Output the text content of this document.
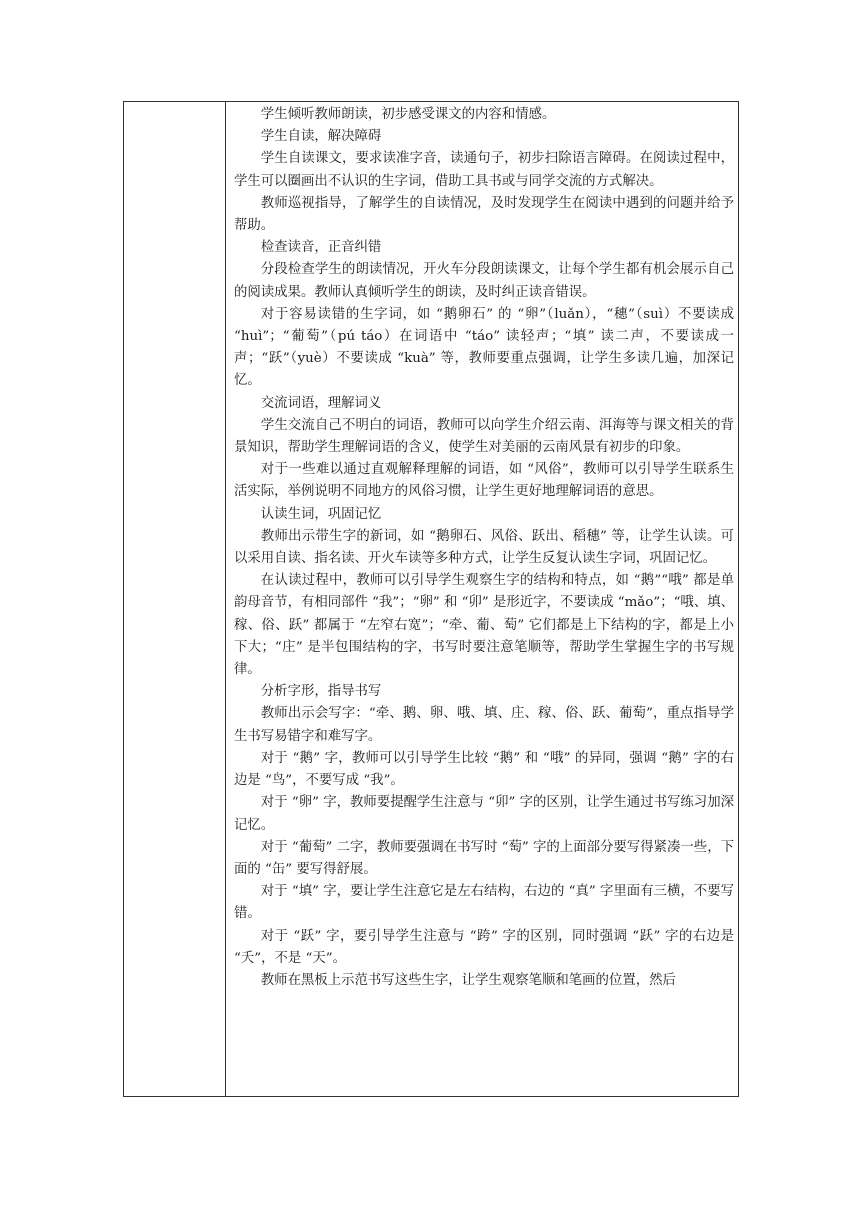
学生倾听教师朗读，初步感受课文的内容和情感。

学生自读，解决障碍

学生自读课文，要求读准字音，读通句子，初步扫除语言障碍。在阅读过程中，学生可以圈画出不认识的生字词，借助工具书或与同学交流的方式解决。

教师巡视指导，了解学生的自读情况，及时发现学生在阅读中遇到的问题并给予帮助。

检查读音，正音纠错

分段检查学生的朗读情况，开火车分段朗读课文，让每个学生都有机会展示自己的阅读成果。教师认真倾听学生的朗读，及时纠正读音错误。

对于容易读错的生字词，如 “鹅卵石” 的 “卵”（luǎn），“穗”（suì）不要读成 “huì”；“葡萄”（pú táo）在词语中 “táo” 读轻声；“填” 读二声，不要读成一声；“跃”（yuè）不要读成 “kuà” 等，教师要重点强调，让学生多读几遍，加深记忆。

交流词语，理解词义

学生交流自己不明白的词语，教师可以向学生介绍云南、洱海等与课文相关的背景知识，帮助学生理解词语的含义，使学生对美丽的云南风景有初步的印象。

对于一些难以通过直观解释理解的词语，如 “风俗”，教师可以引导学生联系生活实际，举例说明不同地方的风俗习惯，让学生更好地理解词语的意思。

认读生词，巩固记忆

教师出示带生字的新词，如 “鹅卵石、风俗、跃出、稻穗” 等，让学生认读。可以采用自读、指名读、开火车读等多种方式，让学生反复认读生字词，巩固记忆。

在认读过程中，教师可以引导学生观察生字的结构和特点，如 “鹅”“哦” 都是单韵母音节，有相同部件 “我”；“卵” 和 “卯” 是形近字，不要读成 “mǎo”；“哦、填、稼、俗、跃” 都属于 “左窄右宽”；“牵、葡、萄” 它们都是上下结构的字，都是上小下大；“庄” 是半包围结构的字，书写时要注意笔顺等，帮助学生掌握生字的书写规律。

分析字形，指导书写

教师出示会写字：“牵、鹅、卵、哦、填、庄、稼、俗、跃、葡萄”，重点指导学生书写易错字和难写字。

对于 “鹅” 字，教师可以引导学生比较 “鹅” 和 “哦” 的异同，强调 “鹅” 字的右边是 “鸟”，不要写成 “我”。

对于 “卵” 字，教师要提醒学生注意与 “卯” 字的区别，让学生通过书写练习加深记忆。

对于 “葡萄” 二字，教师要强调在书写时 “萄” 字的上面部分要写得紧凑一些，下面的 “缶” 要写得舒展。

对于 “填” 字，要让学生注意它是左右结构，右边的 “真” 字里面有三横，不要写错。

对于 “跃” 字，要引导学生注意与 “跨” 字的区别，同时强调 “跃” 字的右边是 “夭”，不是 “天”。

教师在黑板上示范书写这些生字，让学生观察笔顺和笔画的位置，然后
